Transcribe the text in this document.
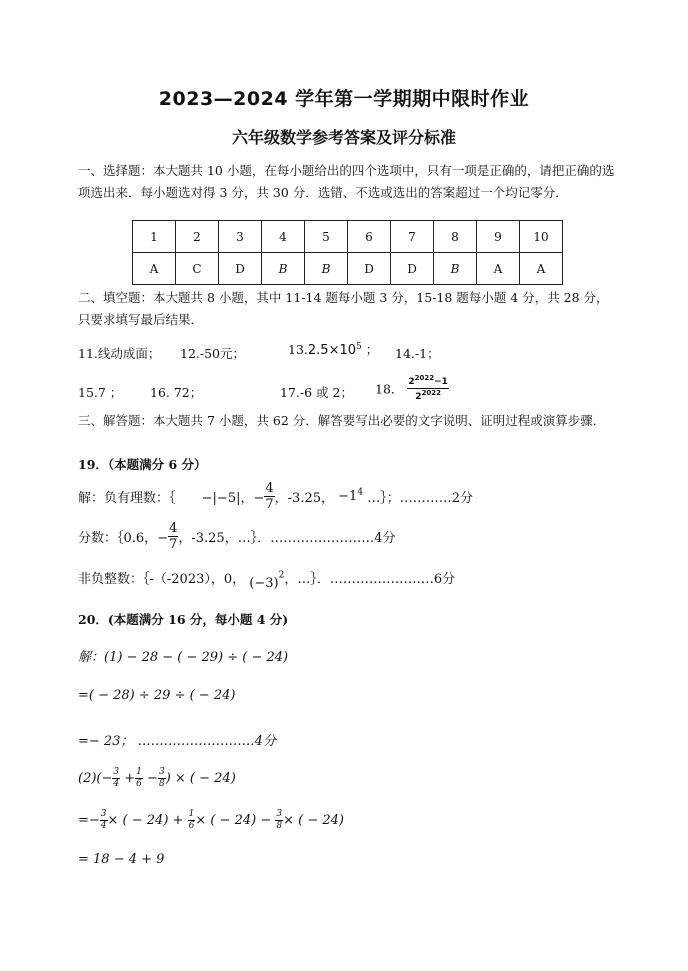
2023—2024 学年第一学期期中限时作业
六年级数学参考答案及评分标准
一、选择题：本大题共 10 小题，在每小题给出的四个选项中，只有一项是正确的，请把正确的选项选出来．每小题选对得 3 分，共 30 分．选错、不选或选出的答案超过一个均记零分．
1	2	3	4	5	6	7	8	9	10
A	C	D	B	B	D	D	B	A	A
二、填空题：本大题共 8 小题，其中 11-14 题每小题 3 分，15-18 题每小题 4 分，共 28 分，只要求填写最后结果．
11.线动成面； 12.-50元；	$13.2.5\times 10^5$ ； 14.-1；
15.7 ； 16. 72；	17.-6 或 2； 18． $\frac{2^{2022}-1}{2^{2022}}$
三、解答题：本大题共 7 小题，共 62 分．解答要写出必要的文字说明、证明过程或演算步骤．
19．（本题满分 6 分）
解：负有理数：｛ −|−5|，− $\frac{4}{7}$ ，-3.25， $-1^4$ …｝；…………2分
分数：｛0.6，− $\frac{4}{7}$ ，-3.25，…｝．……………………4分
非负整数：｛-（-2023），0， $(-3)^2$，…｝．……………………6分
20．(本题满分 16 分，每小题 4 分)
解：(1) − 28 − ( − 29) ÷ ( − 24)
=( − 28) ÷ 29 ÷ ( − 24)
=− 23； ………………………4分
$(2)(- \frac{3}{4} + \frac{1}{6} - \frac{3}{8}$ ) × ( − 24)
=− $\frac{3}{4}$ × ( − $24) + \frac{1}{6}$ × ( − $24) - \frac{3}{8}$ × ( − 24)
= 18 − 4 + 9
